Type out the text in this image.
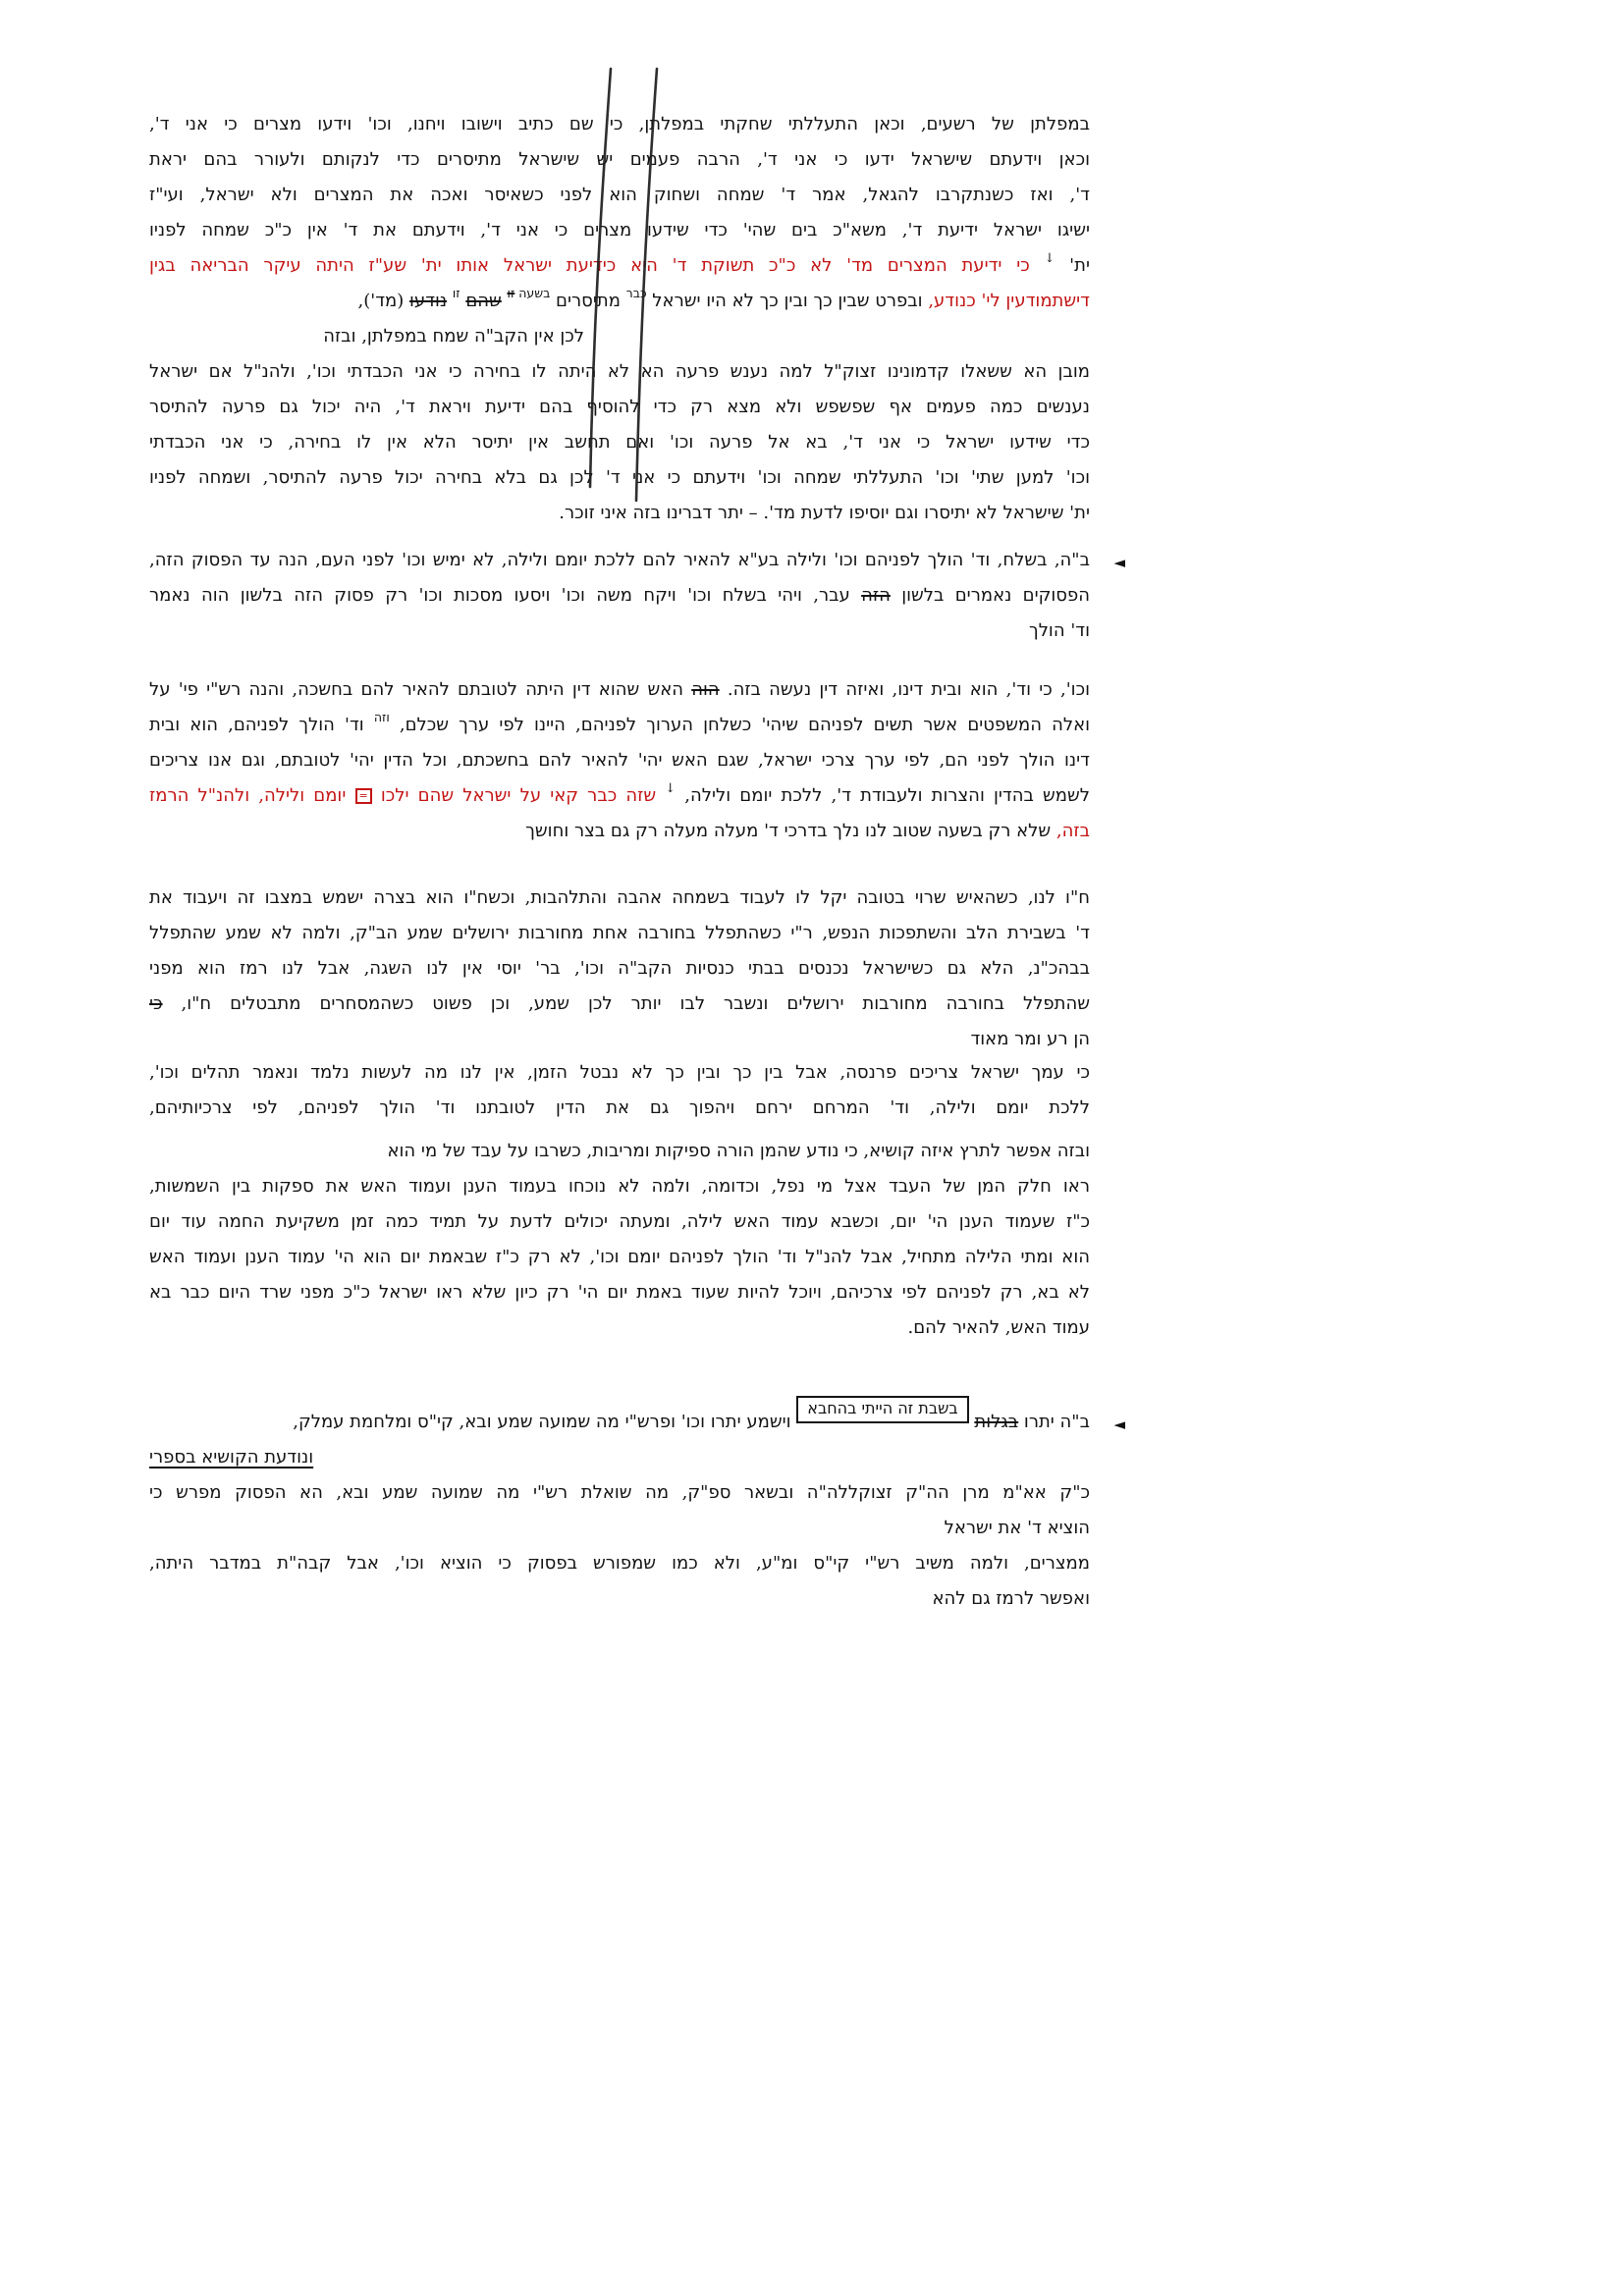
במפלתן של רשעים, וכאן התעללתי שחקתי במפלתן, כי שם כתיב וישובו ויחנו, וכו' וידעו מצרים כי אני ד',
וכאן וידעתם שישראל ידעו כי אני ד', הרבה פעמים יש שישראל מתיסרים כדי לנקותם ולעורר בהם יראת
ד', ואז כשנתקרבו להגאל, אמר ד' שמחה ושחוק הוא לפני כשאיסר ואכה את המצרים ולא ישראל, ועי"ז
ישיגו ישראל ידיעת ד', משא"כ בים שהי' כדי שידעו מצרים כי אני ד', וידעתם את ד' אין כ"כ שמחה לפניו
ית' ↓ כי ידיעת המצרים מד' לא כ"כ תשוקת ד' היא כידיעת ישראל אותו ית' שע"ז היתה עיקר הבריאה בגין
דישתמודעין לי' כנודע, ובפרט שבין כך ובין כך לא היו ישראל $^{כבר}$ מתיסרים $^{בשעה}$ $^{זו}$ שהם $^{זו}$ נודעו (מד'),
לכן אין הקב"ה שמח במפלתן, ובזה
מובן הא ששאלו קדמונינו זצוק"ל למה נענש פרעה הא לא היתה לו בחירה כי אני הכבדתי וכו', ולהנ"ל אם ישראל
נענשים כמה פעמים אף שפשפש ולא מצא רק כדי להוסיף בהם ידיעת ויראת ד', היה יכול גם פרעה להתיסר
כדי שידעו ישראל כי אני ד', בא אל פרעה וכו' ואם תחשב אין יתיסר הלא אין לו בחירה, כי אני הכבדתי
וכו' למען שתי' וכו' התעללתי שמחה וכו' וידעתם כי אני ד' לכן גם בלא בחירה יכול פרעה להתיסר, ושמחה לפניו
ית' שישראל לא יתיסרו וגם יוסיפו לדעת מד'. – יתר דברינו בזה איני זוכר.
◄
ב"ה, בשלח, וד' הולך לפניהם וכו' ולילה בע"א להאיר להם ללכת יומם ולילה, לא ימיש וכו' לפני העם, הנה עד הפסוק הזה,
הפסוקים נאמרים בלשון הזה עבר, ויהי בשלח וכו' ויקח משה וכו' ויסעו מסכות וכו' רק פסוק הזה בלשון הוה נאמר
וד' הולך
וכו', כי וד', הוא ובית דינו, ואיזה דין נעשה בזה. הוה האש שהוא דין היתה לטובתם להאיר להם בחשכה, והנה רש"י פי' על
ואלה המשפטים אשר תשים לפניהם שיהי' כשלחן הערוך לפניהם, היינו לפי ערך שכלם, $^{וזה}$ וד' הולך לפניהם, הוא ובית
דינו הולך לפני הם, לפי ערך צרכי ישראל, שגם האש יהי' להאיר להם בחשכתם, וכל הדין יהי' לטובתם, וגם אנו צריכים
לשמש בהדין והצרות ולעבודת ד', ללכת יומם ולילה, ↓ שזה כבר קאי על ישראל שהם ילכו = יומם ולילה, ולהנ"ל הרמז
בזה, שלא רק בשעה שטוב לנו נלך בדרכי ד' מעלה מעלה רק גם בצר וחושך
ח"ו לנו, כשהאיש שרוי בטובה יקל לו לעבוד בשמחה אהבה והתלהבות, וכשח"ו הוא בצרה ישמש במצבו זה ויעבוד את
ד' בשבירת הלב והשתפכות הנפש, ר"י כשהתפלל בחורבה אחת מחורבות ירושלים שמע הב"ק, ולמה לא שמע שהתפלל
בבהכ"נ, הלא גם כשישראל נכנסים בבתי כנסיות הקב"ה וכו', בר' יוסי אין לנו השגה, אבל לנו רמז הוא מפני
שהתפלל בחורבה מחורבות ירושלים ונשבר לבו יותר לכן שמע, וכן פשוט כשהמסחרים מתבטלים ח"ו, כי
הן רע ומר מאוד
כי עמך ישראל צריכים פרנסה, אבל בין כך ובין כך לא נבטל הזמן, אין לנו מה לעשות נלמד ונאמר תהלים וכו',
ללכת יומם ולילה, וד' המרחם ירחם ויהפוך גם את הדין לטובתנו וד' הולך לפניהם, לפי צרכיותיהם,
ובזה אפשר לתרץ איזה קושיא, כי נודע שהמן הורה ספיקות ומריבות, כשרבו על עבד של מי הוא
ראו חלק המן של העבד אצל מי נפל, וכדומה, ולמה לא נוכחו בעמוד הענן ועמוד האש את ספקות בין השמשות,
כ"ז שעמוד הענן הי' יום, וכשבא עמוד האש לילה, ומעתה יכולים לדעת על תמיד כמה זמן משקיעת החמה עוד יום
הוא ומתי הלילה מתחיל, אבל להנ"ל וד' הולך לפניהם יומם וכו', לא רק כ"ז שבאמת יום הוא הי' עמוד הענן ועמוד האש
לא בא, רק לפניהם לפי צרכיהם, ויוכל להיות שעוד באמת יום הי' רק כיון שלא ראו ישראל כ"כ מפני שרד היום כבר בא
עמוד האש, להאיר להם.
◄
ב"ה יתרו בגלות בשבת זה הייתי בהחבא וישמע יתרו וכו' ופרש"י מה שמועה שמע ובא, קי"ס ומלחמת עמלק,
ונודעת הקושיא בספרי
כ"ק אא"מ מרן הה"ק זצוקללה"ה ובשאר ספ"ק, מה שואלת רש"י מה שמועה שמע ובא, הא הפסוק מפרש כי
הוציא ד' את ישראל
ממצרים, ולמה משיב רש"י קי"ס ומ"ע, ולא כמו שמפורש בפסוק כי הוציא וכו', אבל קבה"ת במדבר היתה,
ואפשר לרמז גם להא
